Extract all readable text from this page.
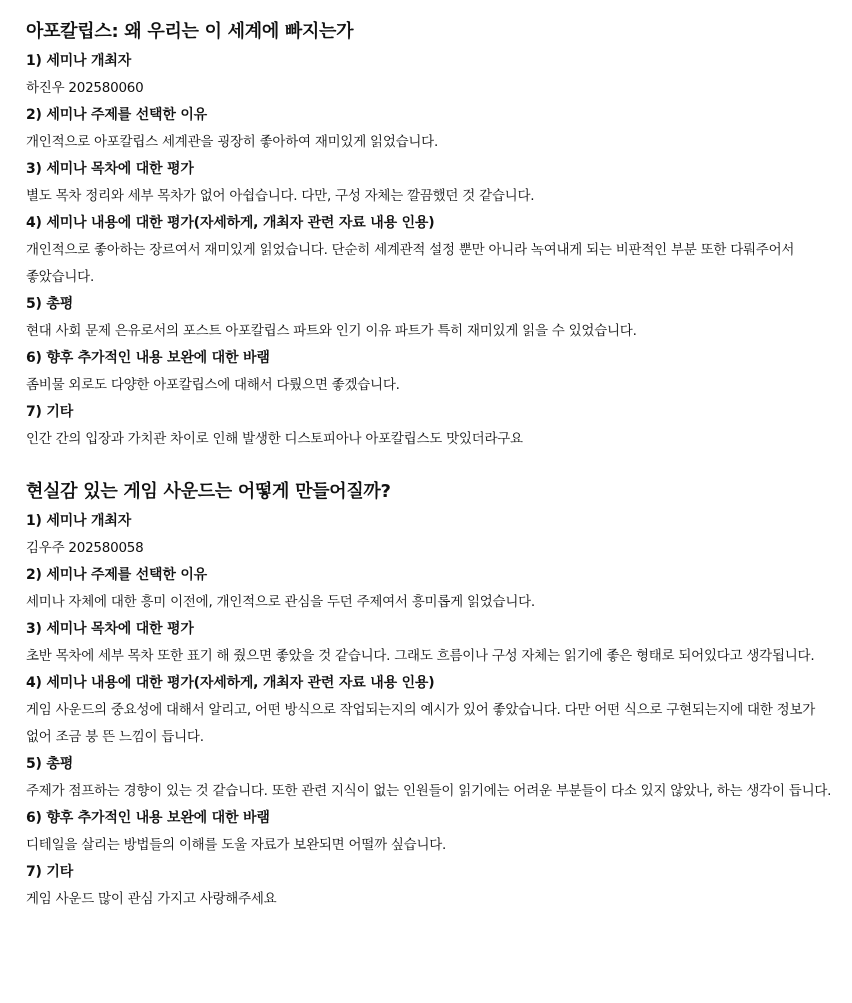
아포칼립스: 왜 우리는 이 세계에 빠지는가

1) 세미나 개최자

하진우 202580060

2) 세미나 주제를 선택한 이유

개인적으로 아포칼립스 세계관을 굉장히 좋아하여 재미있게 읽었습니다.

3) 세미나 목차에 대한 평가

별도 목차 정리와 세부 목차가 없어 아쉽습니다. 다만, 구성 자체는 깔끔했던 것 같습니다.

4) 세미나 내용에 대한 평가(자세하게, 개최자 관련 자료 내용 인용)

개인적으로 좋아하는 장르여서 재미있게 읽었습니다. 단순히 세계관적 설정 뿐만 아니라 녹여내게 되는 비판적인 부분 또한 다뤄주어서 좋았습니다.

5) 총평

현대 사회 문제 은유로서의 포스트 아포칼립스 파트와 인기 이유 파트가 특히 재미있게 읽을 수 있었습니다.

6) 향후 추가적인 내용 보완에 대한 바램

좀비물 외로도 다양한 아포칼립스에 대해서 다뤘으면 좋겠습니다.

7) 기타

인간 간의 입장과 가치관 차이로 인해 발생한 디스토피아나 아포칼립스도 맛있더라구요

현실감 있는 게임 사운드는 어떻게 만들어질까?

1) 세미나 개최자

김우주 202580058

2) 세미나 주제를 선택한 이유

세미나 자체에 대한 흥미 이전에, 개인적으로 관심을 두던 주제여서 흥미롭게 읽었습니다.

3) 세미나 목차에 대한 평가

초반 목차에 세부 목차 또한 표기 해 줬으면 좋았을 것 같습니다. 그래도 흐름이나 구성 자체는 읽기에 좋은 형태로 되어있다고 생각됩니다.

4) 세미나 내용에 대한 평가(자세하게, 개최자 관련 자료 내용 인용)

게임 사운드의 중요성에 대해서 알리고, 어떤 방식으로 작업되는지의 예시가 있어 좋았습니다. 다만 어떤 식으로 구현되는지에 대한 정보가 없어 조금 붕 뜬 느낌이 듭니다.

5) 총평

주제가 점프하는 경향이 있는 것 같습니다. 또한 관련 지식이 없는 인원들이 읽기에는 어려운 부분들이 다소 있지 않았나, 하는 생각이 듭니다.

6) 향후 추가적인 내용 보완에 대한 바램

디테일을 살리는 방법들의 이해를 도울 자료가 보완되면 어떨까 싶습니다.

7) 기타

게임 사운드 많이 관심 가지고 사랑해주세요
